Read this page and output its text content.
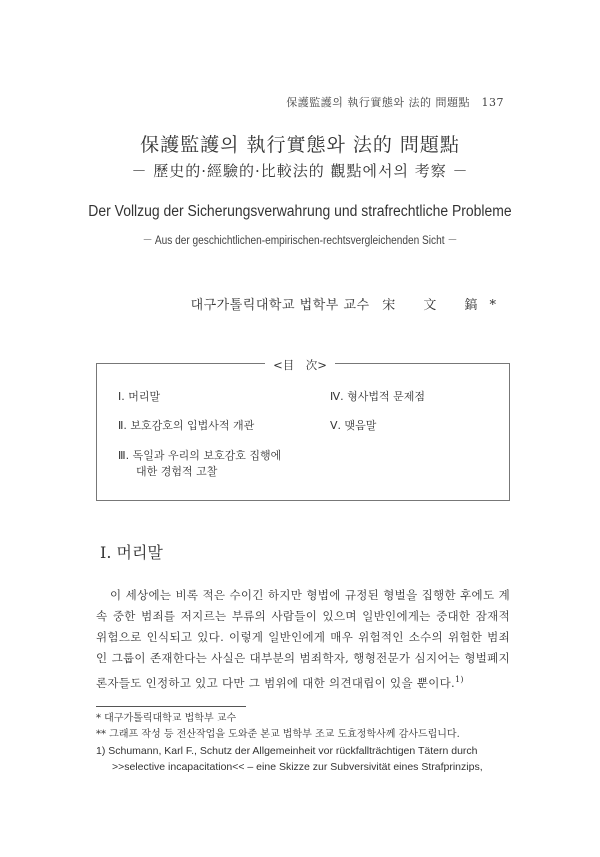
保護監護의 執行實態와 法的 問題點　137
保護監護의 執行實態와 法的 問題點
－ 歷史的·經驗的·比較法的 觀點에서의 考察 －
Der Vollzug der Sicherungsverwahrung und strafrechtliche Probleme
－ Aus der geschichtlichen-empirischen-rechtsvergleichenden Sicht －
대구가톨릭대학교 법학부 교수 宋 文 鎬*
<目　次>
Ⅰ. 머리말
Ⅱ. 보호감호의 입법사적 개관
Ⅲ. 독일과 우리의 보호감호 집행에
대한 경험적 고찰
Ⅳ. 형사법적 문제점
Ⅴ. 맺음말
Ⅰ. 머리말

이 세상에는 비록 적은 수이긴 하지만 형법에 규정된 형벌을 집행한 후에도 계속 중한 범죄를 저지르는 부류의 사람들이 있으며 일반인에게는 중대한 잠재적 위험으로 인식되고 있다. 이렇게 일반인에게 매우 위험적인 소수의 위험한 범죄인 그룹이 존재한다는 사실은 대부분의 범죄학자, 행형전문가 심지어는 형벌폐지론자들도 인정하고 있고 다만 그 범위에 대한 의견대립이 있을 뿐이다.$^{1)}$

* 대구가톨릭대학교 법학부 교수
** 그래프 작성 등 전산작업을 도와준 본교 법학부 조교 도효정학사께 감사드립니다.
1) Schumann, Karl F., Schutz der Allgemeinheit vor rückfallträchtigen Tätern durch
>>selective incapacitation<< – eine Skizze zur Subversivität eines Strafprinzips,
